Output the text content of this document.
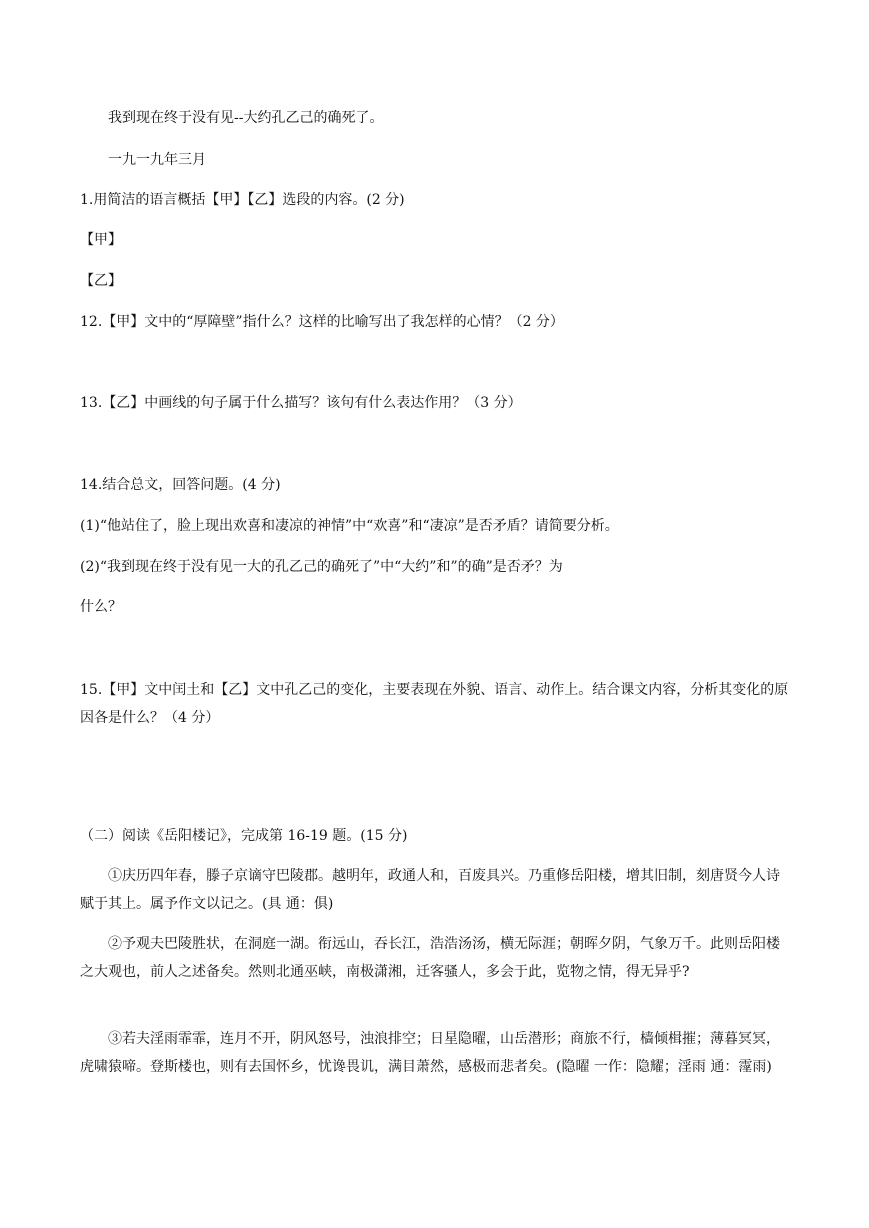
我到现在终于没有见--大约孔乙己的确死了。
一九一九年三月
1.用简洁的语言概括【甲】【乙】选段的内容。(2 分)
【甲】
【乙】
12.【甲】文中的“厚障壁”指什么？这样的比喻写出了我怎样的心情？（2 分）
13.【乙】中画线的句子属于什么描写？该句有什么表达作用？（3 分）
14.结合总文，回答问题。(4 分)
(1)“他站住了，脸上现出欢喜和凄凉的神情”中“欢喜”和“凄凉”是否矛盾？请简要分析。
(2)“我到现在终于没有见一大的孔乙己的确死了”中“大约”和”的确”是否矛？为
什么？
15.【甲】文中闰土和【乙】文中孔乙己的变化，主要表现在外貌、语言、动作上。结合课文内容，分析其变化的原因各是什么？（4 分）
（二）阅读《岳阳楼记》，完成第 16-19 题。(15 分)
①庆历四年春，滕子京谪守巴陵郡。越明年，政通人和，百废具兴。乃重修岳阳楼，增其旧制，刻唐贤今人诗赋于其上。属予作文以记之。(具 通：俱)
②予观夫巴陵胜状，在洞庭一湖。衔远山，吞长江，浩浩汤汤，横无际涯；朝晖夕阴，气象万千。此则岳阳楼之大观也，前人之述备矣。然则北通巫峡，南极潇湘，迁客骚人，多会于此，览物之情，得无异乎?
③若夫淫雨霏霏，连月不开，阴风怒号，浊浪排空；日星隐曜，山岳潜形；商旅不行，樯倾楫摧；薄暮冥冥，虎啸猿啼。登斯楼也，则有去国怀乡，忧谗畏讥，满目萧然，感极而悲者矣。(隐曜 一作：隐耀；淫雨 通：霪雨)
